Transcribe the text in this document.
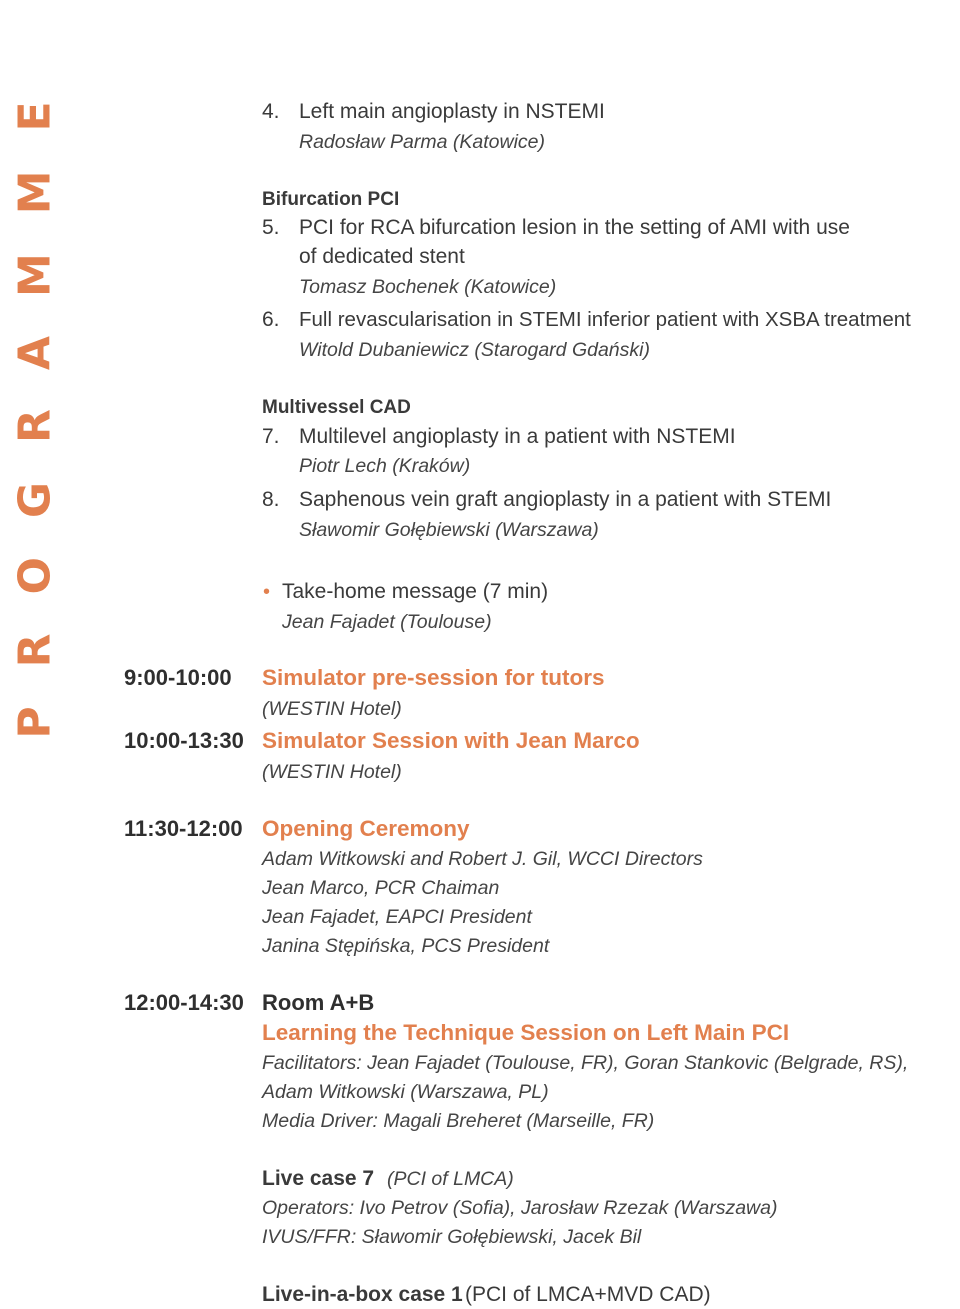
PROGRAMME	4. Left main angioplasty in NSTEMI
Radosław Parma (Katowice)
Bifurcation PCI
5. PCI for RCA bifurcation lesion in the setting of AMI with use
of dedicated stent
Tomasz Bochenek (Katowice)
6. Full revascularisation in STEMI inferior patient with XSBA treatment
Witold Dubaniewicz (Starogard Gdański)
Multivessel CAD
7. Multilevel angioplasty in a patient with NSTEMI
Piotr Lech (Kraków)
8. Saphenous vein graft angioplasty in a patient with STEMI
Sławomir Gołębiewski (Warszawa)
• Take-home message (7 min)
Jean Fajadet (Toulouse)
9:00-10:00 Simulator pre-session for tutors
(WESTIN Hotel)
10:00-13:30 Simulator Session with Jean Marco
(WESTIN Hotel)
11:30-12:00 Opening Ceremony
Adam Witkowski and Robert J. Gil, WCCI Directors
Jean Marco, PCR Chaiman
Jean Fajadet, EAPCI President
Janina Stępińska, PCS President
12:00-14:30 Room A+B
Learning the Technique Session on Left Main PCI
Facilitators: Jean Fajadet (Toulouse, FR), Goran Stankovic (Belgrade, RS),
Adam Witkowski (Warszawa, PL)
Media Driver: Magali Breheret (Marseille, FR)
Live case 7 (PCI of LMCA)
Operators: Ivo Petrov (Sofia), Jarosław Rzezak (Warszawa)
IVUS/FFR: Sławomir Gołębiewski, Jacek Bil
Live-in-a-box case 1 (PCI of LMCA+MVD CAD)
